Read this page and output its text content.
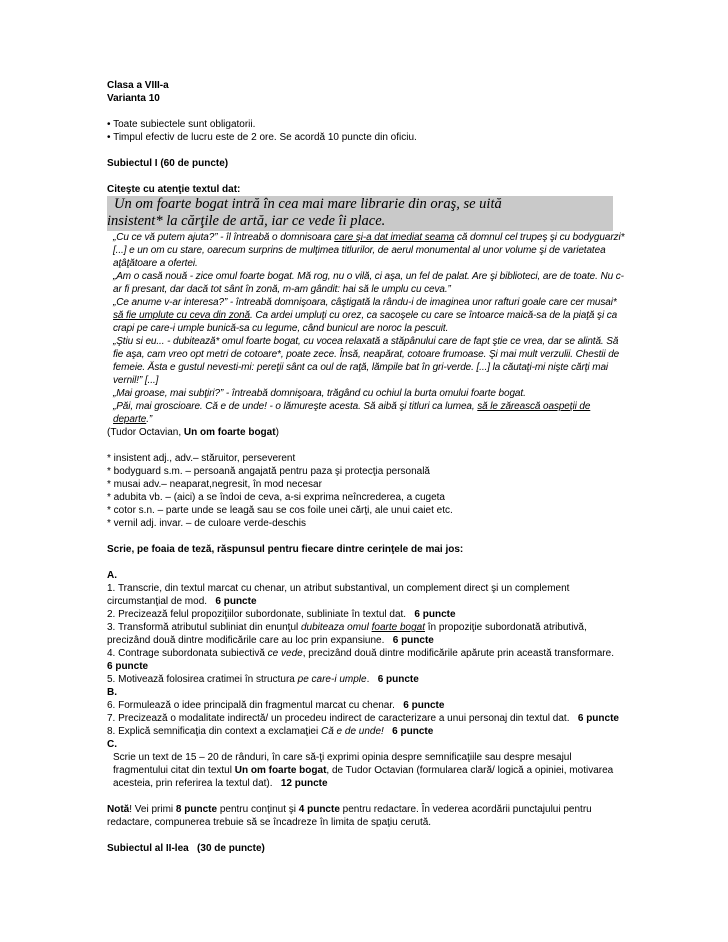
Clasa a VIII-a

Varianta 10

• Toate subiectele sunt obligatorii.

• Timpul efectiv de lucru este de 2 ore. Se acordă 10 puncte din oficiu.

Subiectul I (60 de puncte)

Citeşte cu atenţie textul dat:

Un om foarte bogat intră în cea mai mare librarie din oraş, se uită
insistent* la cărţile de artă, iar ce vede îi place.

„Cu ce vă putem ajuta?” - îl întreabă o domnisoara care şi-a dat imediat seama că domnul cel trupeş şi cu bodyguarzi* [...] e un om cu stare, oarecum surprins de mulţimea titlurilor, de aerul monumental al unor volume şi de varietatea aţâţătoare a ofertei.

„Am o casă nouă - zice omul foarte bogat. Mă rog, nu o vilă, ci aşa, un fel de palat. Are şi biblioteci, are de toate. Nu c-ar fi presant, dar dacă tot sânt în zonă, m-am gândit: hai să le umplu cu ceva.”

„Ce anume v-ar interesa?” - întreabă domnişoara, câştigată la rându-i de imaginea unor rafturi goale care cer musai* să fie umplute cu ceva din zonă. Ca ardei umpluţi cu orez, ca sacoşele cu care se întoarce maică-sa de la piaţă şi ca crapi pe care-i umple bunică-sa cu legume, când bunicul are noroc la pescuit.

„Ştiu si eu... - dubitează* omul foarte bogat, cu vocea relaxată a stăpânului care de fapt ştie ce vrea, dar se alintă. Să fie aşa, cam vreo opt metri de cotoare*, poate zece. Însă, neapărat, cotoare frumoase. Şi mai mult verzulii. Chestii de femeie. Ăsta e gustul nevesti-mi: pereţii sânt ca oul de raţă, lămpile bat în gri-verde. [...] la căutaţi-mi nişte cărţi mai vernil!” [...]

„Mai groase, mai subţiri?” - întreabă domnişoara, trăgând cu ochiul la burta omului foarte bogat.

„Păi, mai groscioare. Că e de unde! - o lămureşte acesta. Să aibă şi titluri ca lumea, să le zărească oaspeţii de departe.”

(Tudor Octavian, Un om foarte bogat)

* insistent adj., adv.– stăruitor, perseverent

* bodyguard s.m. – persoană angajată pentru paza şi protecţia personală

* musai adv.– neaparat,negresit, în mod necesar

* adubita vb. – (aici) a se îndoi de ceva, a-si exprima neîncrederea, a cugeta

* cotor s.n. – parte unde se leagă sau se cos foile unei cărţi, ale unui caiet etc.

* vernil adj. invar. – de culoare verde-deschis

Scrie, pe foaia de teză, răspunsul pentru fiecare dintre cerinţele de mai jos:

A.

1. Transcrie, din textul marcat cu chenar, un atribut substantival, un complement direct şi un complement circumstanţial de mod. 6 puncte

2. Precizează felul propoziţiilor subordonate, subliniate în textul dat. 6 puncte

3. Transformă atributul subliniat din enunţul dubiteaza omul foarte bogat în propoziţie subordonată atributivă, precizând două dintre modificările care au loc prin expansiune. 6 puncte

4. Contrage subordonata subiectivă ce vede, precizând două dintre modificările apărute prin această transformare.   6 puncte

5. Motivează folosirea cratimei în structura pe care-i umple. 6 puncte

B.

6. Formulează o idee principală din fragmentul marcat cu chenar. 6 puncte

7. Precizează o modalitate indirectă/ un procedeu indirect de caracterizare a unui personaj din textul dat. 6 puncte

8. Explică semnificaţia din context a exclamaţiei Că e de unde! 6 puncte

C.

Scrie un text de 15 – 20 de rânduri, în care să-ţi exprimi opinia despre semnificaţiile sau despre mesajul fragmentului citat din textul Un om foarte bogat, de Tudor Octavian (formularea clară/ logică a opiniei, motivarea acesteia, prin referirea la textul dat). 12 puncte

Notă! Vei primi 8 puncte pentru conţinut şi 4 puncte pentru redactare. În vederea acordării punctajului pentru redactare, compunerea trebuie să se încadreze în limita de spaţiu cerută.

Subiectul al II-lea (30 de puncte)
